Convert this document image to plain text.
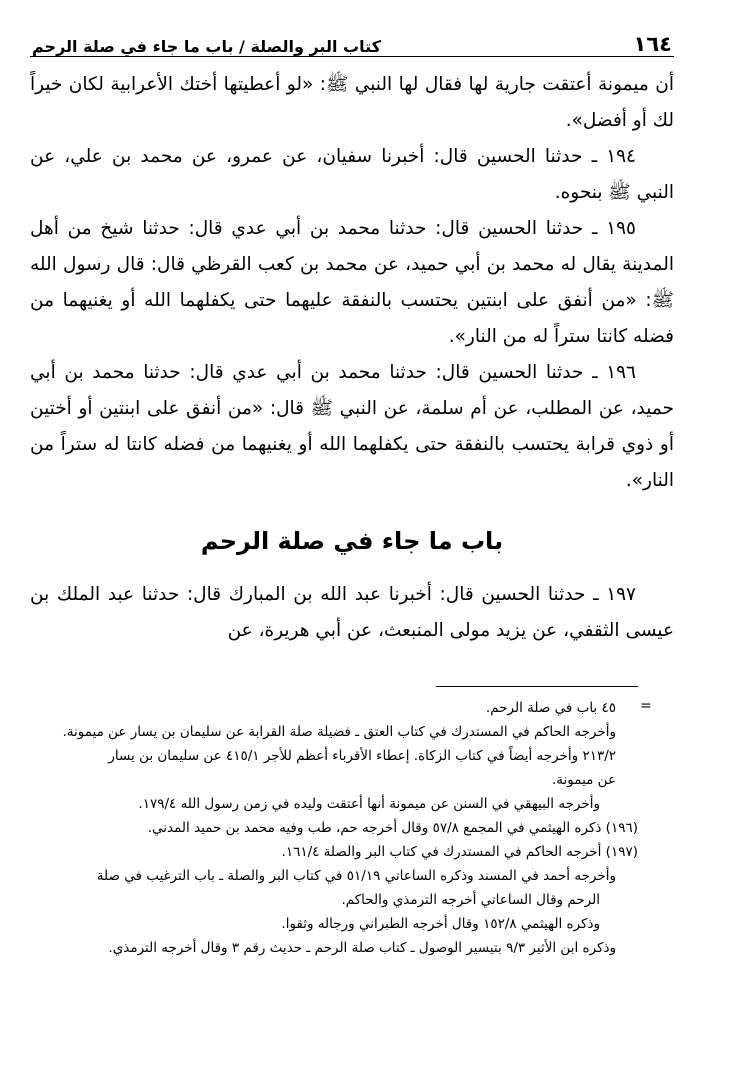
١٦٤
كتاب البر والصلة / باب ما جاء في صلة الرحم

أن ميمونة أعتقت جارية لها فقال لها النبي ﷺ: «لو أعطيتها أختك الأعرابية لكان خيراً لك أو أفضل».

١٩٤ ـ حدثنا الحسين قال: أخبرنا سفيان، عن عمرو، عن محمد بن علي، عن النبي ﷺ بنحوه.

١٩٥ ـ حدثنا الحسين قال: حدثنا محمد بن أبي عدي قال: حدثنا شيخ من أهل المدينة يقال له محمد بن أبي حميد، عن محمد بن كعب القرظي قال: قال رسول الله ﷺ: «من أنفق على ابنتين يحتسب بالنفقة عليهما حتى يكفلهما الله أو يغنيهما من فضله كانتا ستراً له من النار».

١٩٦ ـ حدثنا الحسين قال: حدثنا محمد بن أبي عدي قال: حدثنا محمد بن أبي حميد، عن المطلب، عن أم سلمة، عن النبي ﷺ قال: «من أنفق على ابنتين أو أختين أو ذوي قرابة يحتسب بالنفقة حتى يكفلهما الله أو يغنيهما من فضله كانتا له ستراً من النار».

باب ما جاء في صلة الرحم

١٩٧ ـ حدثنا الحسين قال: أخبرنا عبد الله بن المبارك قال: حدثنا عبد الملك بن عيسى الثقفي، عن يزيد مولى المنبعث، عن أبي هريرة، عن

=

٤٥ باب في صلة الرحم.

وأخرجه الحاكم في المستدرك في كتاب العتق ـ فضيلة صلة القرابة عن سليمان بن يسار عن ميمونة.

٢١٣/٢ وأخرجه أيضاً في كتاب الزكاة. إعطاء الأقرباء أعظم للأجر ٤١٥/١ عن سليمان بن يسار

عن ميمونة.

وأخرجه البيهقي في السنن عن ميمونة أنها أعتقت وليده في زمن رسول الله ١٧٩/٤.

(١٩٦) ذكره الهيثمي في المجمع ٥٧/٨ وقال أخرجه حم، طب وفيه محمد بن حميد المدني.

(١٩٧) أخرجه الحاكم في المستدرك في كتاب البر والصلة ١٦١/٤.

وأخرجه أحمد في المسند وذكره الساعاتي ٥١/١٩ في كتاب البر والصلة ـ باب الترغيب في صلة

الرحم وقال الساعاتي أخرجه الترمذي والحاكم.

وذكره الهيثمي ١٥٢/٨ وقال أخرجه الطبراني ورجاله وثقوا.

وذكره ابن الأثير ٩/٣ بتيسير الوصول ـ كتاب صلة الرحم ـ حديث رقم ٣ وقال أخرجه الترمذي.
